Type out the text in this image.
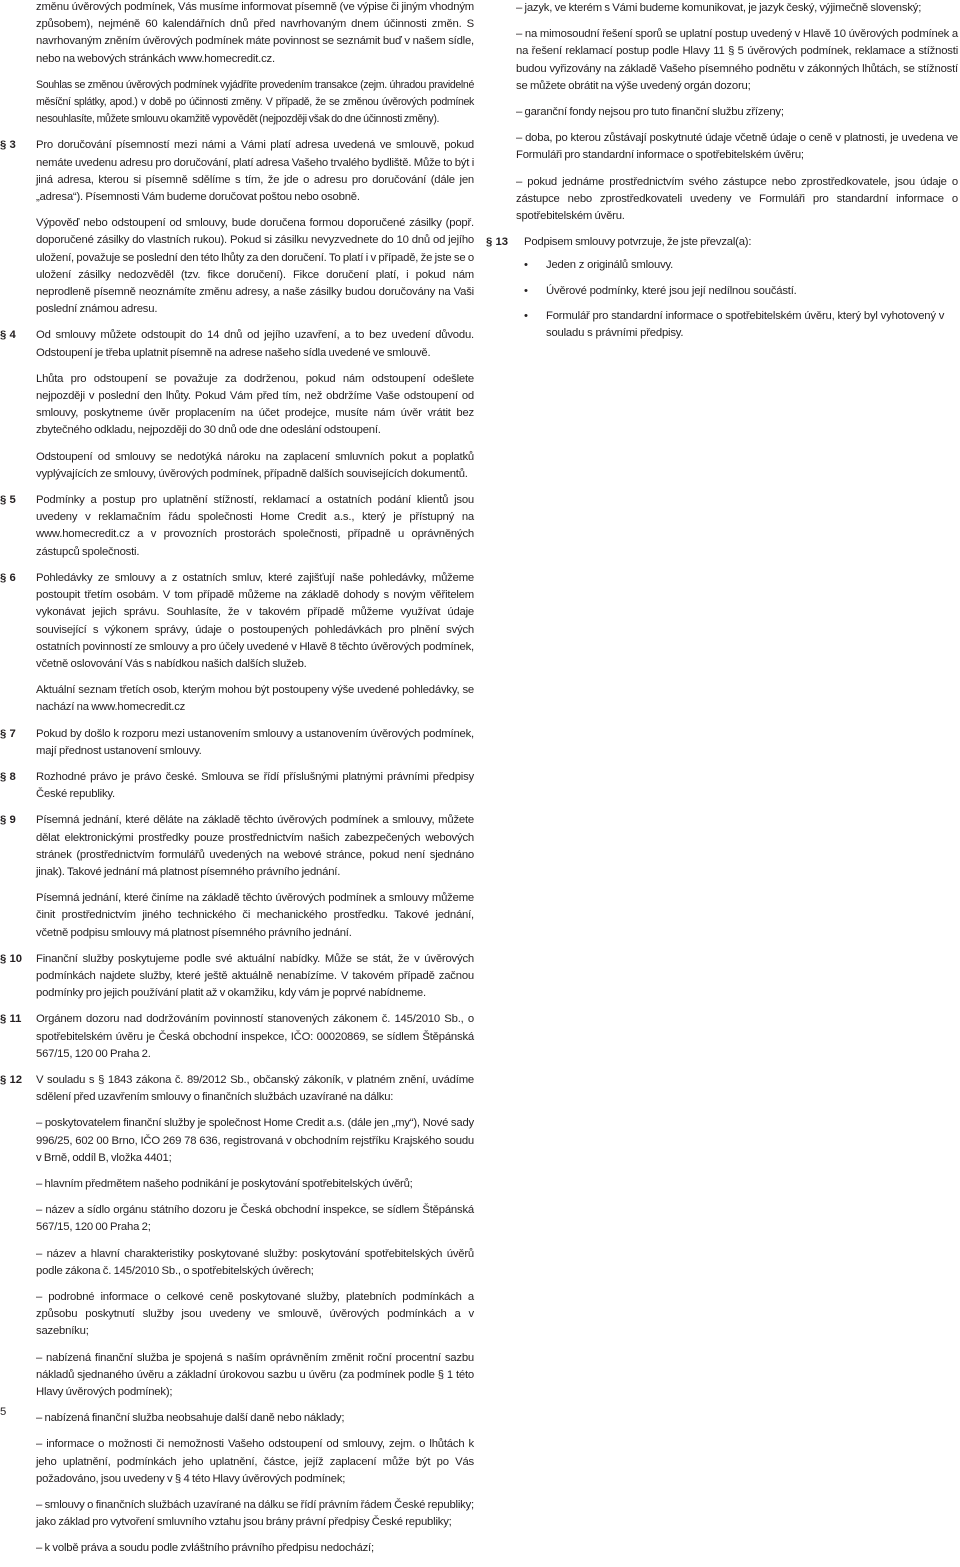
změnu úvěrových podmínek, Vás musíme informovat písemně (ve výpise či jiným vhodným způsobem), nejméně 60 kalendářních dnů před navrhovaným dnem účinnosti změn. S navrhovaným zněním úvěrových podmínek máte povinnost se seznámit buď v našem sídle, nebo na webových stránkách www.homecredit.cz.

Souhlas se změnou úvěrových podmínek vyjádříte provedením transakce (zejm. úhradou pravidelné měsíční splátky, apod.) v době po účinnosti změny. V případě, že se změnou úvěrových podmínek nesouhlasíte, můžete smlouvu okamžitě vypovědět (nejpozději však do dne účinnosti změny).

§ 3	Pro doručování písemností mezi námi a Vámi platí adresa uvedená ve smlouvě, pokud nemáte uvedenu adresu pro doručování, platí adresa Vašeho trvalého bydliště. Může to být i jiná adresa, kterou si písemně sdělíme s tím, že jde o adresu pro doručování (dále jen „adresa“). Písemnosti Vám budeme doručovat poštou nebo osobně.

Výpověď nebo odstoupení od smlouvy, bude doručena formou doporučené zásilky (popř. doporučené zásilky do vlastních rukou). Pokud si zásilku nevyzvednete do 10 dnů od jejího uložení, považuje se poslední den této lhůty za den doručení. To platí i v případě, že jste se o uložení zásilky nedozvěděl (tzv. fikce doručení). Fikce doručení platí, i pokud nám neprodleně písemně neoznámíte změnu adresy, a naše zásilky budou doručovány na Vaši poslední známou adresu.

§ 4	Od smlouvy můžete odstoupit do 14 dnů od jejího uzavření, a to bez uvedení důvodu. Odstoupení je třeba uplatnit písemně na adrese našeho sídla uvedené ve smlouvě.

Lhůta pro odstoupení se považuje za dodrženou, pokud nám odstoupení odešlete nejpozději v poslední den lhůty. Pokud Vám před tím, než obdržíme Vaše odstoupení od smlouvy, poskytneme úvěr proplacením na účet prodejce, musíte nám úvěr vrátit bez zbytečného odkladu, nejpozději do 30 dnů ode dne odeslání odstoupení.

Odstoupení od smlouvy se nedotýká nároku na zaplacení smluvních pokut a poplatků vyplývajících ze smlouvy, úvěrových podmínek, případně dalších souvisejících dokumentů.

§ 5	Podmínky a postup pro uplatnění stížností, reklamací a ostatních podání klientů jsou uvedeny v reklamačním řádu společnosti Home Credit a.s., který je přístupný na www.homecredit.cz a v provozních prostorách společnosti, případně u oprávněných zástupců společnosti.

§ 6	Pohledávky ze smlouvy a z ostatních smluv, které zajišťují naše pohledávky, můžeme postoupit třetím osobám. V tom případě můžeme na základě dohody s novým věřitelem vykonávat jejich správu. Souhlasíte, že v takovém případě můžeme využívat údaje související s výkonem správy, údaje o postoupených pohledávkách pro plnění svých ostatních povinností ze smlouvy a pro účely uvedené v Hlavě 8 těchto úvěrových podmínek, včetně oslovování Vás s nabídkou našich dalších služeb.

Aktuální seznam třetích osob, kterým mohou být postoupeny výše uvedené pohledávky, se nachází na www.homecredit.cz

§ 7	Pokud by došlo k rozporu mezi ustanovením smlouvy a ustanovením úvěrových podmínek, mají přednost ustanovení smlouvy.

§ 8	Rozhodné právo je právo české. Smlouva se řídí příslušnými platnými právními předpisy České republiky.

§ 9	Písemná jednání, které děláte na základě těchto úvěrových podmínek a smlouvy, můžete dělat elektronickými prostředky pouze prostřednictvím našich zabezpečených webových stránek (prostřednictvím formulářů uvedených na webové stránce, pokud není sjednáno jinak). Takové jednání má platnost písemného právního jednání.

Písemná jednání, které činíme na základě těchto úvěrových podmínek a smlouvy můžeme činit prostřednictvím jiného technického či mechanického prostředku. Takové jednání, včetně podpisu smlouvy má platnost písemného právního jednání.

§ 10	Finanční služby poskytujeme podle své aktuální nabídky. Může se stát, že v úvěrových podmínkách najdete služby, které ještě aktuálně nenabízíme. V takovém případě začnou podmínky pro jejich používání platit až v okamžiku, kdy vám je poprvé nabídneme.

§ 11	Orgánem dozoru nad dodržováním povinností stanovených zákonem č. 145/2010 Sb., o spotřebitelském úvěru je Česká obchodní inspekce, IČO: 00020869, se sídlem Štěpánská 567/15, 120 00 Praha 2.

§ 12	V souladu s § 1843 zákona č. 89/2012 Sb., občanský zákoník, v platném znění, uvádíme sdělení před uzavřením smlouvy o finančních službách uzavírané na dálku:

– poskytovatelem finanční služby je společnost Home Credit a.s. (dále jen „my“), Nové sady 996/25, 602 00 Brno, IČO 269 78 636, registrovaná v obchodním rejstříku Krajského soudu v Brně, oddíl B, vložka 4401;

– hlavním předmětem našeho podnikání je poskytování spotřebitelských úvěrů;

– název a sídlo orgánu státního dozoru je Česká obchodní inspekce, se sídlem Štěpánská 567/15, 120 00 Praha 2;

– název a hlavní charakteristiky poskytované služby: poskytování spotřebitelských úvěrů podle zákona č. 145/2010 Sb., o spotřebitelských úvěrech;

– podrobné informace o celkové ceně poskytované služby, platebních podmínkách a způsobu poskytnutí služby jsou uvedeny ve smlouvě, úvěrových podmínkách a v sazebníku;

– nabízená finanční služba je spojená s naším oprávněním změnit roční procentní sazbu nákladů sjednaného úvěru a základní úrokovou sazbu u úvěru (za podmínek podle § 1 této Hlavy úvěrových podmínek);

– nabízená finanční služba neobsahuje další daně nebo náklady;

– informace o možnosti či nemožnosti Vašeho odstoupení od smlouvy, zejm. o lhůtách k jeho uplatnění, podmínkách jeho uplatnění, částce, jejíž zaplacení může být po Vás požadováno, jsou uvedeny v § 4 této Hlavy úvěrových podmínek;

– smlouvy o finančních službách uzavírané na dálku se řídí právním řádem České republiky; jako základ pro vytvoření smluvního vztahu jsou brány právní předpisy České republiky;

– k volbě práva a soudu podle zvláštního právního předpisu nedochází;

– jazyk, ve kterém s Vámi budeme komunikovat, je jazyk český, výjimečně slovenský;

– na mimosoudní řešení sporů se uplatní postup uvedený v Hlavě 10 úvěrových podmínek a na řešení reklamací postup podle Hlavy 11 § 5 úvěrových podmínek, reklamace a stížnosti budou vyřizovány na základě Vašeho písemného podnětu v zákonných lhůtách, se stížností se můžete obrátit na výše uvedený orgán dozoru;

– garanční fondy nejsou pro tuto finanční službu zřízeny;

– doba, po kterou zůstávají poskytnuté údaje včetně údaje o ceně v platnosti, je uvedena ve Formuláři pro standardní informace o spotřebitelském úvěru;

– pokud jednáme prostřednictvím svého zástupce nebo zprostředkovatele, jsou údaje o zástupce nebo zprostředkovateli uvedeny ve Formuláři pro standardní informace o spotřebitelském úvěru.

§ 13	Podpisem smlouvy potvrzuje, že jste převzal(a):

• Jeden z originálů smlouvy.
• Úvěrové podmínky, které jsou její nedílnou součástí.
• Formulář pro standardní informace o spotřebitelském úvěru, který byl vyhotovený v souladu s právními předpisy.
5
